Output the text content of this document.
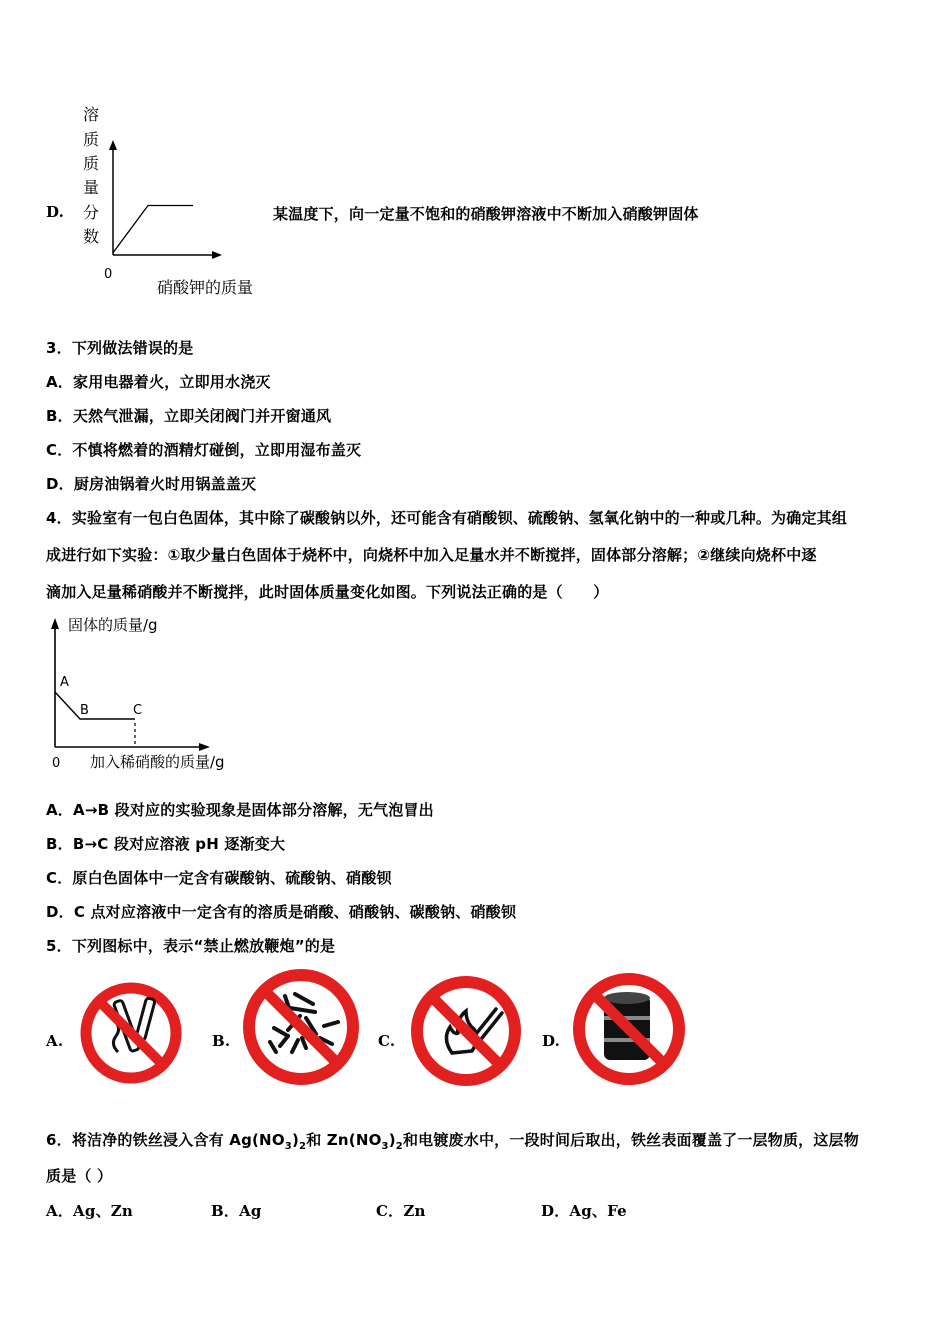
D.
溶
质
质
量
分
数
0
硝酸钾的质量
某温度下，向一定量不饱和的硝酸钾溶液中不断加入硝酸钾固体
3．下列做法错误的是
A．家用电器着火，立即用水浇灭
B．天然气泄漏，立即关闭阀门并开窗通风
C．不慎将燃着的酒精灯碰倒，立即用湿布盖灭
D．厨房油锅着火时用锅盖盖灭
4．实验室有一包白色固体，其中除了碳酸钠以外，还可能含有硝酸钡、硫酸钠、氢氧化钠中的一种或几种。为确定其组
成进行如下实验：①取少量白色固体于烧杯中，向烧杯中加入足量水并不断搅拌，固体部分溶解；②继续向烧杯中逐
滴加入足量稀硝酸并不断搅拌，此时固体质量变化如图。下列说法正确的是（　　）
固体的质量/g
A
B	C
0 加入稀硝酸的质量/g
A．A→B 段对应的实验现象是固体部分溶解，无气泡冒出
B．B→C 段对应溶液 pH 逐渐变大
C．原白色固体中一定含有碳酸钠、硫酸钠、硝酸钡
D．C 点对应溶液中一定含有的溶质是硝酸、硝酸钠、碳酸钠、硝酸钡
5．下列图标中，表示“禁止燃放鞭炮”的是
A.	B.	C.	D.
6．将洁净的铁丝浸入含有 $Ag(NO_3)_2$和 $Zn(NO_3)_2$和电镀废水中，一段时间后取出，铁丝表面覆盖了一层物质，这层物
质是（ ）
A．Ag、Zn	B．Ag	C．Zn	D．Ag、Fe
